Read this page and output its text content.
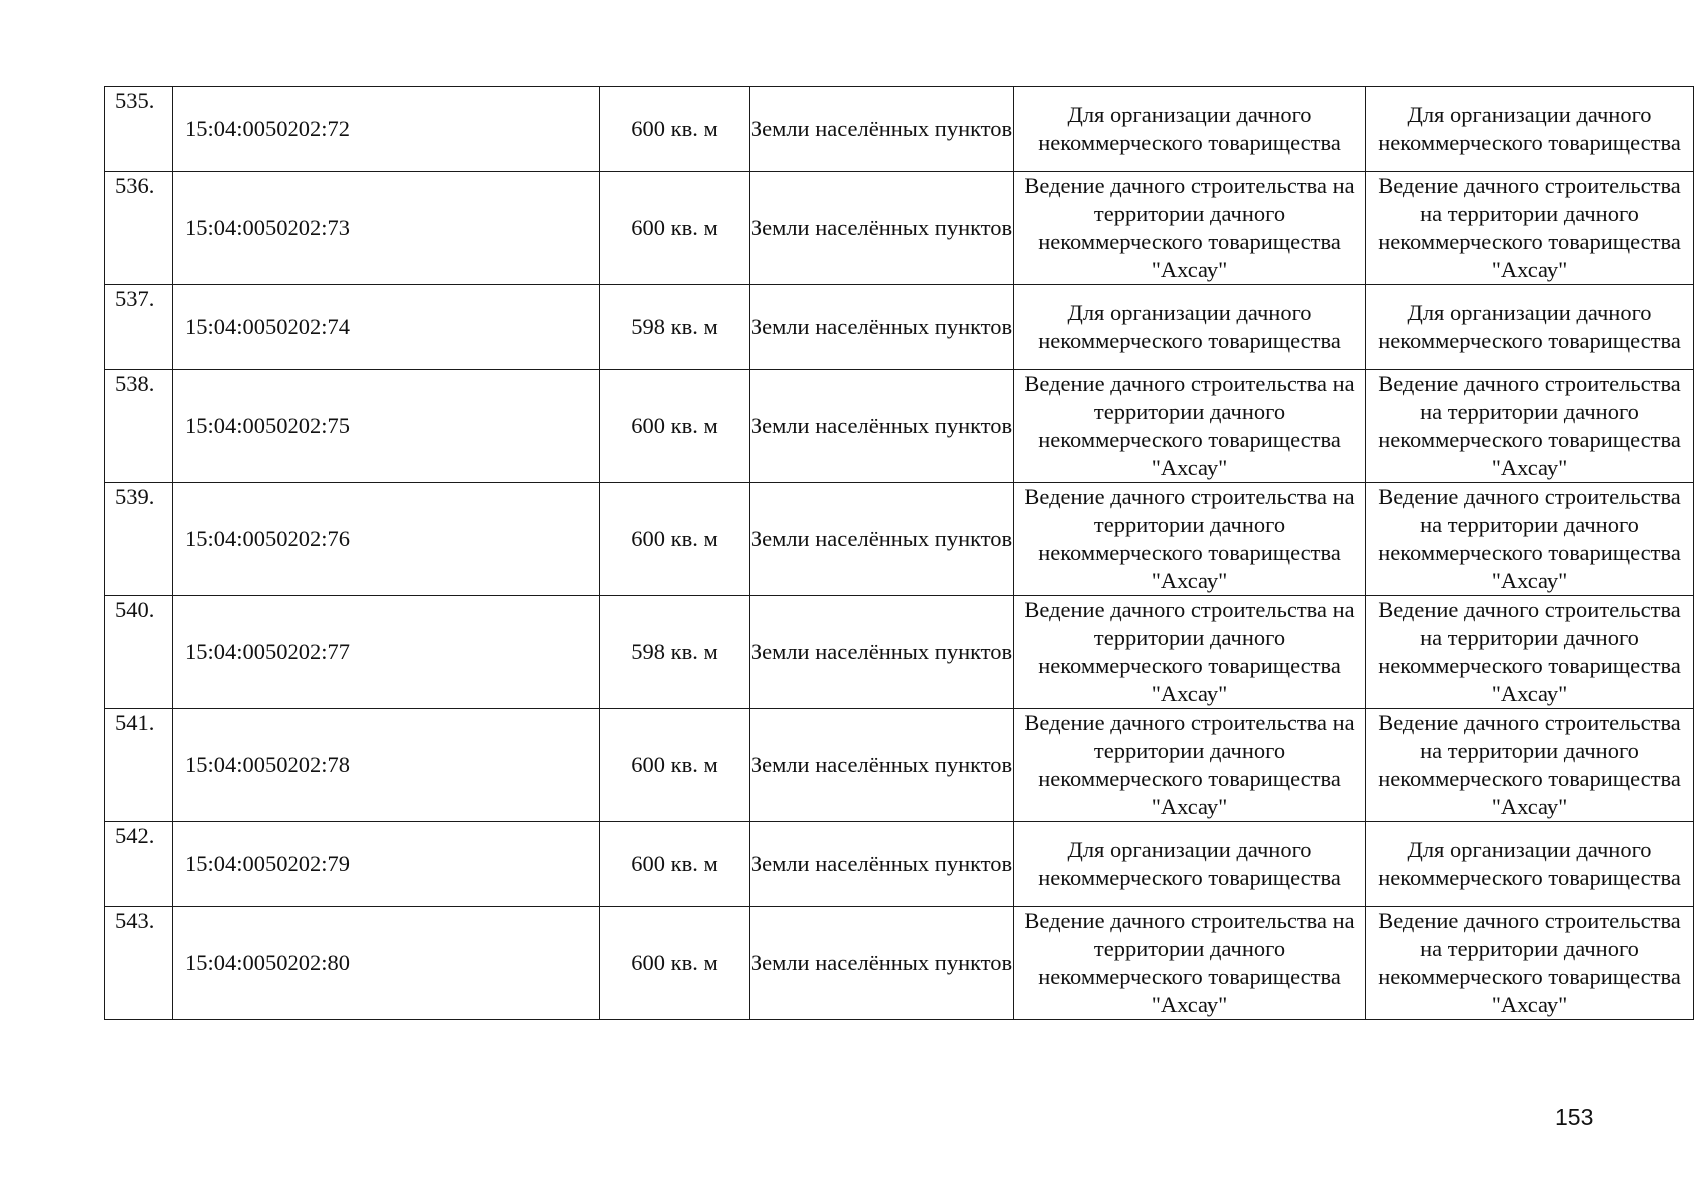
535.	15:04:0050202:72	600 кв. м	Земли населённых пунктов	Для организации дачного некоммерческого товарищества	Для организации дачного некоммерческого товарищества
536.	15:04:0050202:73	600 кв. м	Земли населённых пунктов	Ведение дачного строительства на территории дачного некоммерческого товарищества "Ахсау"	Ведение дачного строительства на территории дачного некоммерческого товарищества "Ахсау"
537.	15:04:0050202:74	598 кв. м	Земли населённых пунктов	Для организации дачного некоммерческого товарищества	Для организации дачного некоммерческого товарищества
538.	15:04:0050202:75	600 кв. м	Земли населённых пунктов	Ведение дачного строительства на территории дачного некоммерческого товарищества "Ахсау"	Ведение дачного строительства на территории дачного некоммерческого товарищества "Ахсау"
539.	15:04:0050202:76	600 кв. м	Земли населённых пунктов	Ведение дачного строительства на территории дачного некоммерческого товарищества "Ахсау"	Ведение дачного строительства на территории дачного некоммерческого товарищества "Ахсау"
540.	15:04:0050202:77	598 кв. м	Земли населённых пунктов	Ведение дачного строительства на территории дачного некоммерческого товарищества "Ахсау"	Ведение дачного строительства на территории дачного некоммерческого товарищества "Ахсау"
541.	15:04:0050202:78	600 кв. м	Земли населённых пунктов	Ведение дачного строительства на территории дачного некоммерческого товарищества "Ахсау"	Ведение дачного строительства на территории дачного некоммерческого товарищества "Ахсау"
542.	15:04:0050202:79	600 кв. м	Земли населённых пунктов	Для организации дачного некоммерческого товарищества	Для организации дачного некоммерческого товарищества
543.	15:04:0050202:80	600 кв. м	Земли населённых пунктов	Ведение дачного строительства на территории дачного некоммерческого товарищества "Ахсау"	Ведение дачного строительства на территории дачного некоммерческого товарищества "Ахсау"
153
